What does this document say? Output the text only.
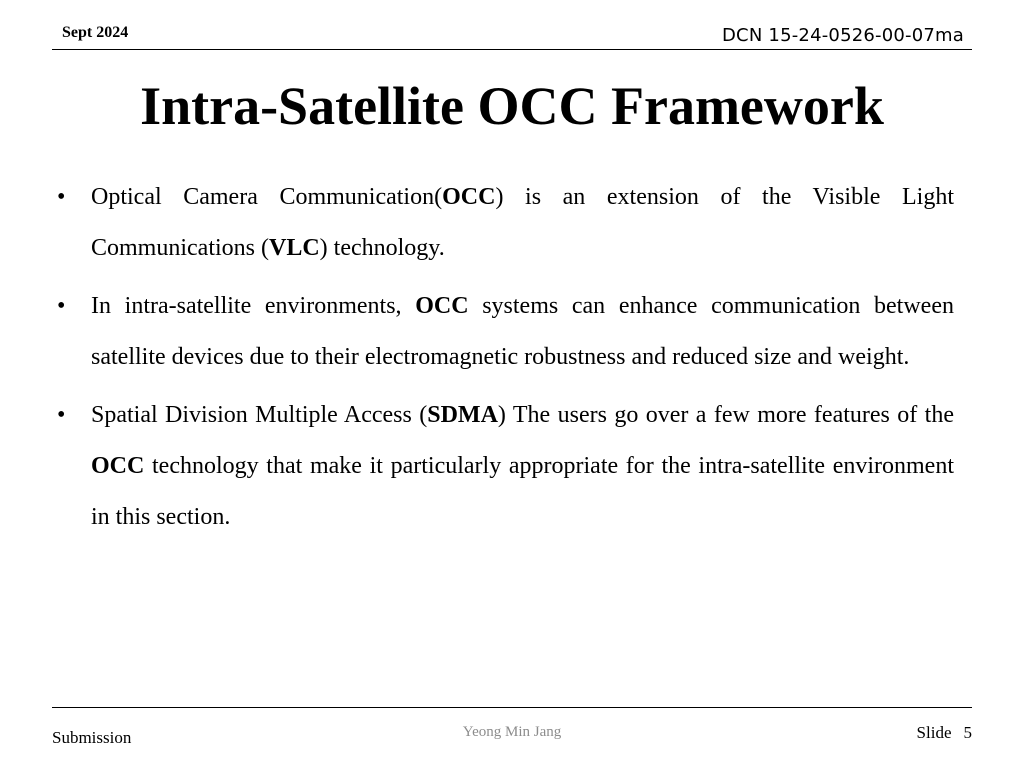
Sept 2024	DCN 15-24-0526-00-07ma
Intra-Satellite OCC Framework
• Optical Camera Communication(OCC) is an extension of the Visible Light Communications (VLC) technology.
• In intra-satellite environments, OCC systems can enhance communication between satellite devices due to their electromagnetic robustness and reduced size and weight.
• Spatial Division Multiple Access (SDMA) The users go over a few more features of the OCC technology that make it particularly appropriate for the intra-satellite environment in this section.
Submission	Yeong Min Jang	Slide 5
